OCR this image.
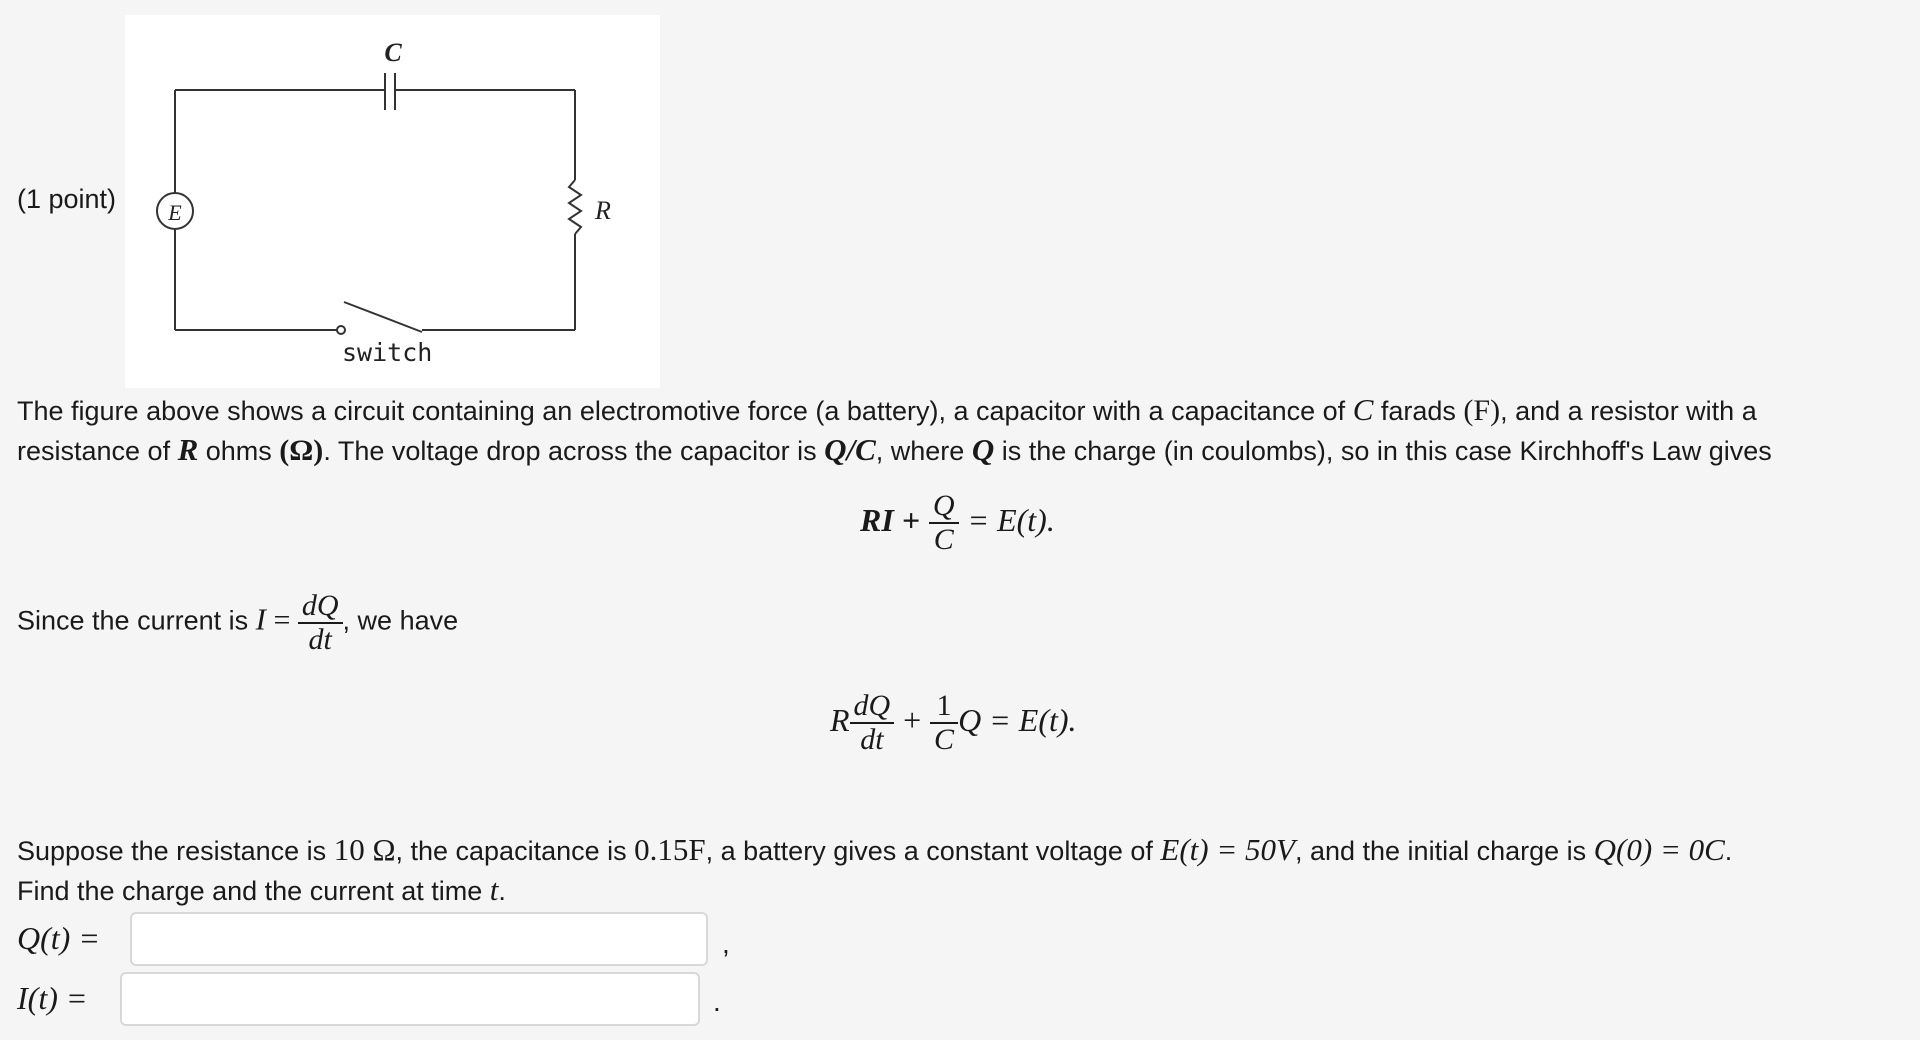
(1 point)
C
E	R
switch
The figure above shows a circuit containing an electromotive force (a battery), a capacitor with a capacitance of C farads (F), and a resistor with a
resistance of R ohms (Ω). The voltage drop across the capacitor is Q/C, where Q is the charge (in coulombs), so in this case Kirchhoff's Law gives
RI + $\frac{Q}{C} = E(t)$.
Since the current is $I = \frac{dQ}{dt}$ , we have
R $\frac{dQ}{dt} + \frac{1}{C}$ Q = E(t).
Suppose the resistance is 10 Ω, the capacitance is 0.15F, a battery gives a constant voltage of E(t) = 50V, and the initial charge is Q(0) = 0C.
Find the charge and the current at time t.
Q(t) =	,
I(t) =	.
